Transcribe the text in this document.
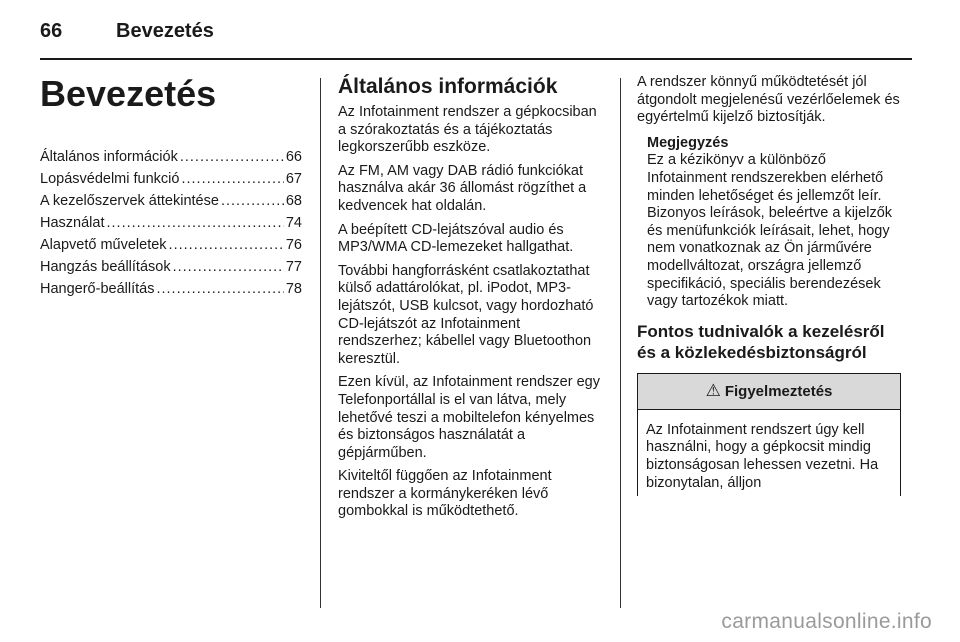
66	Bevezetés
Bevezetés
Általános információk .....	66
Lopásvédelmi funkció .....	67
A kezelőszervek áttekintése .....	68
Használat .....	74
Alapvető műveletek .....	76
Hangzás beállítások .....	77
Hangerő-beállítás .....	78
Általános információk

Az Infotainment rendszer a gépkocsiban a szórakoztatás és a tájékoztatás legkorszerűbb eszköze.

Az FM, AM vagy DAB rádió funkciókat használva akár 36 állomást rögzíthet a kedvencek hat oldalán.

A beépített CD-lejátszóval audio és MP3/WMA CD-lemezeket hallgathat.

További hangforrásként csatlakoztathat külső adattárolókat, pl. iPodot, MP3-lejátszót, USB kulcsot, vagy hordozható CD-lejátszót az Infotainment rendszerhez; kábellel vagy Bluetoothon keresztül.

Ezen kívül, az Infotainment rendszer egy Telefonportállal is el van látva, mely lehetővé teszi a mobiltelefon kényelmes és biztonságos használatát a gépjárműben.

Kiviteltől függően az Infotainment rendszer a kormánykeréken lévő gombokkal is működtethető.

A rendszer könnyű működtetését jól átgondolt megjelenésű vezérlőelemek és egyértelmű kijelző biztosítják.

Megjegyzés
Ez a kézikönyv a különböző Infotainment rendszerekben elérhető minden lehetőséget és jellemzőt leír. Bizonyos leírások, beleértve a kijelzők és menüfunkciók leírásait, lehet, hogy nem vonatkoznak az Ön járművére modellváltozat, országra jellemző specifikáció, speciális berendezések vagy tartozékok miatt.
Fontos tudnivalók a kezelésről és a közlekedésbiztonságról
⚠ Figyelmeztetés
Az Infotainment rendszert úgy kell használni, hogy a gépkocsit mindig biztonságosan lehessen vezetni. Ha bizonytalan, álljon
carmanualsonline.info
